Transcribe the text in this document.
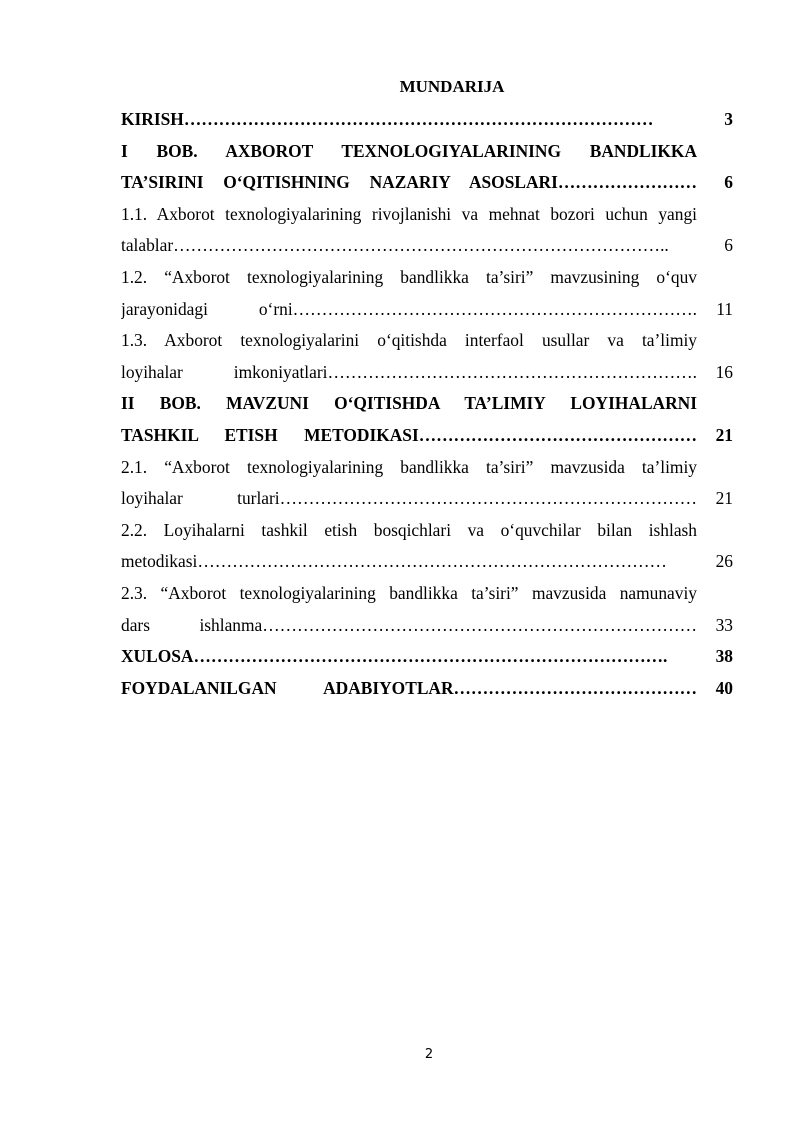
MUNDARIJA
KIRISH………………………………………………………………………	3
I BOB. AXBOROT TEXNOLOGIYALARINING BANDLIKKA
TA’SIRINI O‘QITISHNING NAZARIY ASOSLARI……………………	6
1.1. Axborot texnologiyalarining rivojlanishi va mehnat bozori uchun yangi
talablar…………………………………………………………………………..	6
1.2. “Axborot texnologiyalarining bandlikka ta’siri” mavzusining o‘quv
jarayonidagi o‘rni…………………………………………………………….	11
1.3. Axborot texnologiyalarini o‘qitishda interfaol usullar va ta’limiy
loyihalar imkoniyatlari……………………………………………………….	16
II BOB. MAVZUNI O‘QITISHDA TA’LIMIY LOYIHALARNI
TASHKIL ETISH METODIKASI…………………………………………	21
2.1. “Axborot texnologiyalarining bandlikka ta’siri” mavzusida ta’limiy
loyihalar turlari………………………………………………………………	21
2.2. Loyihalarni tashkil etish bosqichlari va o‘quvchilar bilan ishlash
metodikasi………………………………………………………………………	26
2.3. “Axborot texnologiyalarining bandlikka ta’siri” mavzusida namunaviy
dars ishlanma…………………………………………………………………	33
XULOSA……………………………………………………………………….	38
FOYDALANILGAN ADABIYOTLAR……………………………………	40
2
